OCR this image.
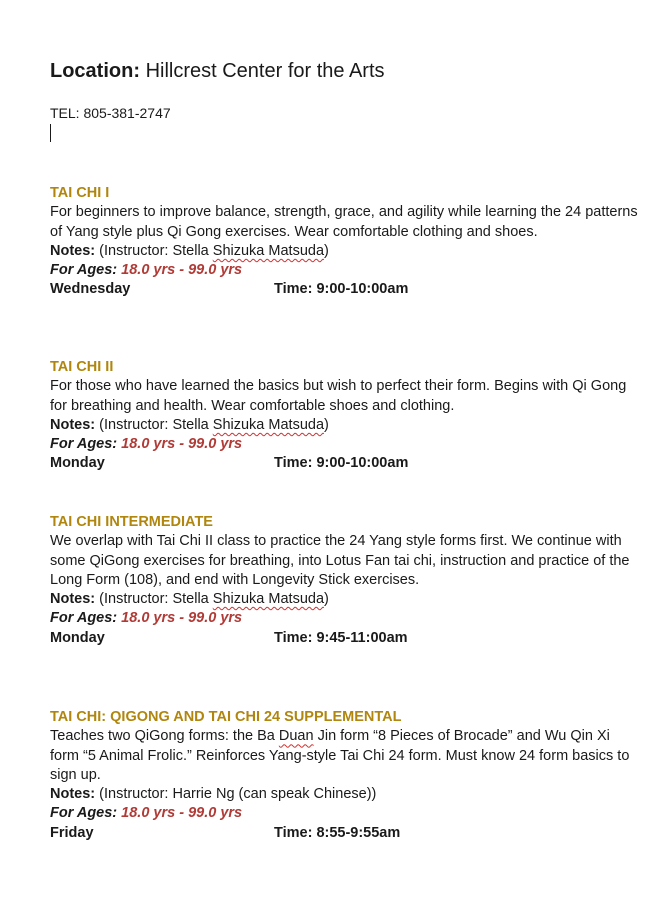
Location: Hillcrest Center for the Arts
TEL: 805-381-2747
TAI CHI I

For beginners to improve balance, strength, grace, and agility while learning the 24 patterns of Yang style plus Qi Gong exercises. Wear comfortable clothing and shoes.

Notes: (Instructor: Stella Shizuka Matsuda)
For Ages: 18.0 yrs - 99.0 yrs
Wednesday	Time: 9:00-10:00am
TAI CHI II

For those who have learned the basics but wish to perfect their form. Begins with Qi Gong for breathing and health. Wear comfortable shoes and clothing.

Notes: (Instructor: Stella Shizuka Matsuda)
For Ages: 18.0 yrs - 99.0 yrs
Monday	Time: 9:00-10:00am
TAI CHI INTERMEDIATE

We overlap with Tai Chi II class to practice the 24 Yang style forms first. We continue with some QiGong exercises for breathing, into Lotus Fan tai chi, instruction and practice of the Long Form (108), and end with Longevity Stick exercises.

Notes: (Instructor: Stella Shizuka Matsuda)
For Ages: 18.0 yrs - 99.0 yrs
Monday	Time: 9:45-11:00am
TAI CHI: QIGONG AND TAI CHI 24 SUPPLEMENTAL

Teaches two QiGong forms: the Ba Duan Jin form “8 Pieces of Brocade” and Wu Qin Xi form “5 Animal Frolic.” Reinforces Yang-style Tai Chi 24 form. Must know 24 form basics to sign up.

Notes: (Instructor: Harrie Ng (can speak Chinese))
For Ages: 18.0 yrs - 99.0 yrs
Friday	Time: 8:55-9:55am
